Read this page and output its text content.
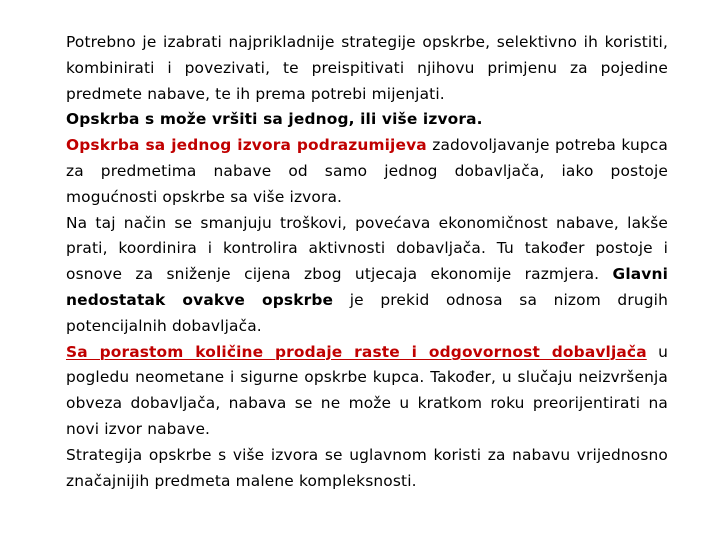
Potrebno je izabrati najprikladnije strategije opskrbe, selektivno ih koristiti, kombinirati i povezivati, te preispitivati njihovu primjenu za pojedine predmete nabave, te ih prema potrebi mijenjati.

Opskrba s može vršiti sa jednog, ili više izvora.

Opskrba sa jednog izvora podrazumijeva zadovoljavanje potreba kupca za predmetima nabave od samo jednog dobavljača, iako postoje mogućnosti opskrbe sa više izvora.

Na taj način se smanjuju troškovi, povećava ekonomičnost nabave, lakše prati, koordinira i kontrolira aktivnosti dobavljača. Tu također postoje i osnove za sniženje cijena zbog utjecaja ekonomije razmjera. Glavni nedostatak ovakve opskrbe je prekid odnosa sa nizom drugih potencijalnih dobavljača.

Sa porastom količine prodaje raste i odgovornost dobavljača u pogledu neometane i sigurne opskrbe kupca. Također, u slučaju neizvršenja obveza dobavljača, nabava se ne može u kratkom roku preorijentirati na novi izvor nabave.

Strategija opskrbe s više izvora se uglavnom koristi za nabavu vrijednosno značajnijih predmeta malene kompleksnosti.
